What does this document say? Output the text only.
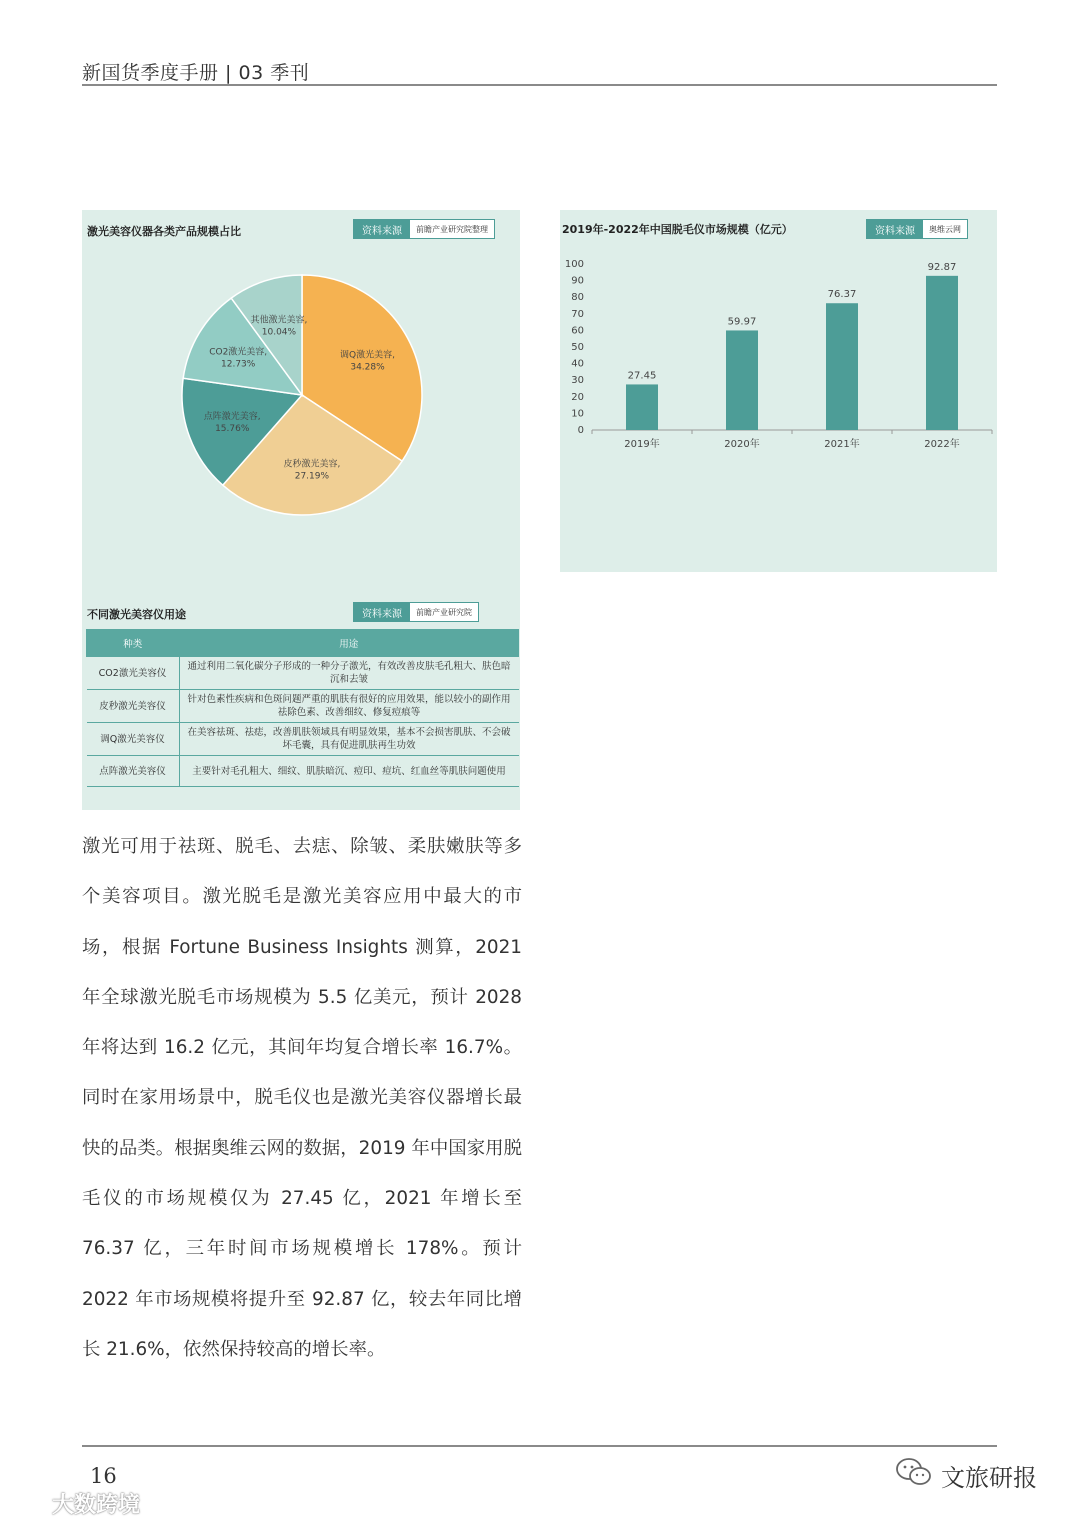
新国货季度手册 | 03 季刊
激光美容仪器各类产品规模占比	资料来源	前瞻产业研究院整理
调Q激光美容,
34.28%
皮秒激光美容,
27.19%
点阵激光美容,
15.76%
CO2激光美容,
12.73%
其他激光美容,
10.04%
不同激光美容仪用途	资料来源	前瞻产业研究院
种类	用途
CO2激光美容仪	通过利用二氧化碳分子形成的一种分子激光，有效改善皮肤毛孔粗大、肤色暗沉和去皱
皮秒激光美容仪	针对色素性疾病和色斑问题严重的肌肤有很好的应用效果，能以较小的副作用祛除色素、改善细纹、修复痘痕等
调Q激光美容仪	在美容祛斑、祛痣，改善肌肤领域具有明显效果，基本不会损害肌肤、不会破坏毛囊，具有促进肌肤再生功效
点阵激光美容仪	主要针对毛孔粗大、细纹、肌肤暗沉、痘印、痘坑、红血丝等肌肤问题使用
2019年-2022年中国脱毛仪市场规模（亿元）	资料来源	奥维云网
0
10
20
30
40
50
60
70
80
90
100
27.45
2019年
59.97
2020年
76.37
2021年
92.87
2022年
激光可用于祛斑、脱毛、去痣、除皱、柔肤嫩肤等多个美容项目。激光脱毛是激光美容应用中最大的市场，根据 Fortune Business Insights 测算，2021 年全球激光脱毛市场规模为 5.5 亿美元，预计 2028 年将达到 16.2 亿元，其间年均复合增长率 16.7%。同时在家用场景中，脱毛仪也是激光美容仪器增长最快的品类。根据奥维云网的数据，2019 年中国家用脱毛仪的市场规模仅为 27.45 亿，2021 年增长至 76.37 亿，三年时间市场规模增长 178%。预计 2022 年市场规模将提升至 92.87 亿，较去年同比增长 21.6%，依然保持较高的增长率。
16
大数跨境
文旅研报
